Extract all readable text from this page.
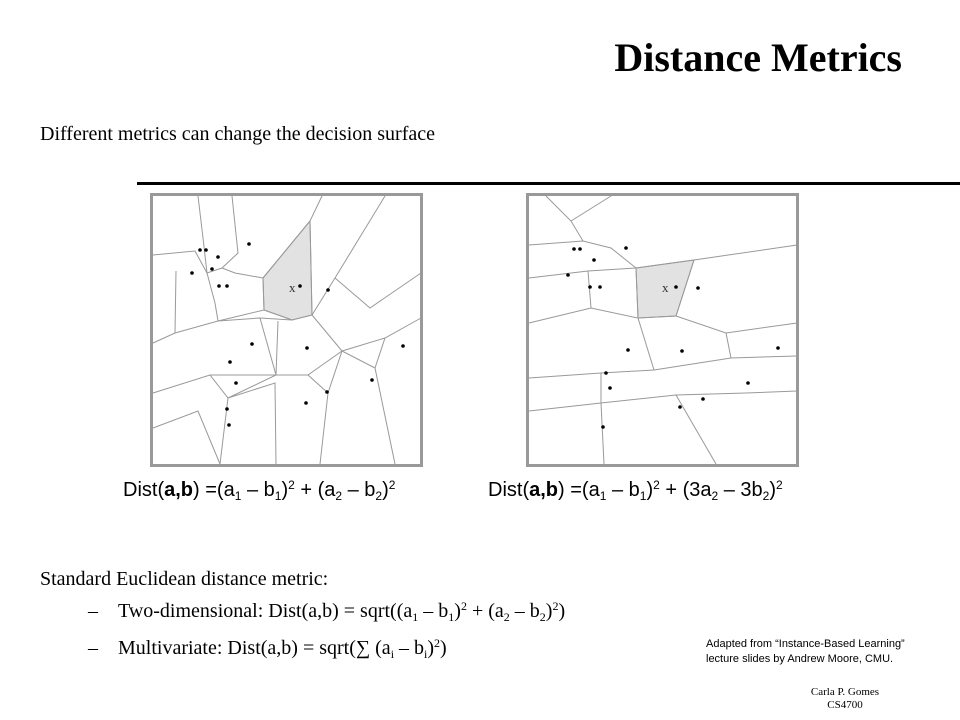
Distance Metrics

Different metrics can change the decision surface

x	x
Dist(a,b) $=(a_1 - b_1)^2 + (a_2 - b_2)^2$	Dist(a,b) $=(a_1 - b_1)^2 + (3a_2 - 3b_2)^2$

Standard Euclidean distance metric:

– Two-dimensional: Dist(a,b) = $sqrt((a_1 - b_1)^2 + (a_2 - b_2)^2)$

– Multivariate: Dist(a,b) = sqrt(∑ $(a_i - b_i)^2$)	Adapted from “Instance-Based Learning”
lecture slides by Andrew Moore, CMU.
Carla P. Gomes
CS4700
